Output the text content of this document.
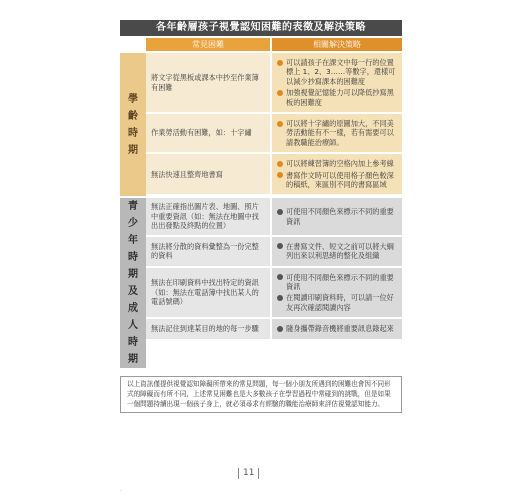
各年齡層孩子視覺認知困難的表徵及解決策略
常見困難	相關解決策略
學
齡
時
期
將文字從黑板或課本中抄至作業簿有困難
可以請孩子在課文中每一行的位置標上 1、2、3……等數字，還樣可以減少抄寫課本的困難度
加強視覺記憶能力可以降低抄寫黑板的困難度
作業勞活動有困難，如：十字繡
可以將十字繡的原圖加大，不同美勞活動能有不一樣，若有需要可以請教職能治療師。
無法快速且整齊地書寫
可以將練習簿的空格內加上參考線
書寫作文時可以使用格子顏色較深的稿紙，來區別不同的書寫區域
青
少
年
時
期
及
成
人
時
期
無法正確指出圖片表、地圖、照片中重要資訊（如：無法在地圖中找出出發點及終點的位置）
可使用不同顏色來標示不同的重要資訊
無法將分散的資料彙整為一份完整的資料
在書寫文件、短文之前可以將大綱列出來以利思緒的整化及組織
無法在印刷資料中找出特定的資訊（如：無法在電話簿中找出某人的電話號碼）
可使用不同顏色來標示不同的重要資訊
在閱讀印刷資料時，可以請一位好友再次確認閱讀內容
無法記住到達某目的地的每一步驟	隨身攜帶錄音機將重要訊息錄起來
以上資訊僅提供視覺認知障礙所帶來的常見問題，每一個小朋友所遇到的困難也會因不同形式的障礙而有所不同，上述常見困難也是大多數孩子在學習過程中常碰到的挑戰，但是如果一個問題持續出現一個孩子身上，就必須尋求有經驗的職能治療師來評估視覺認知能力。
11
·
